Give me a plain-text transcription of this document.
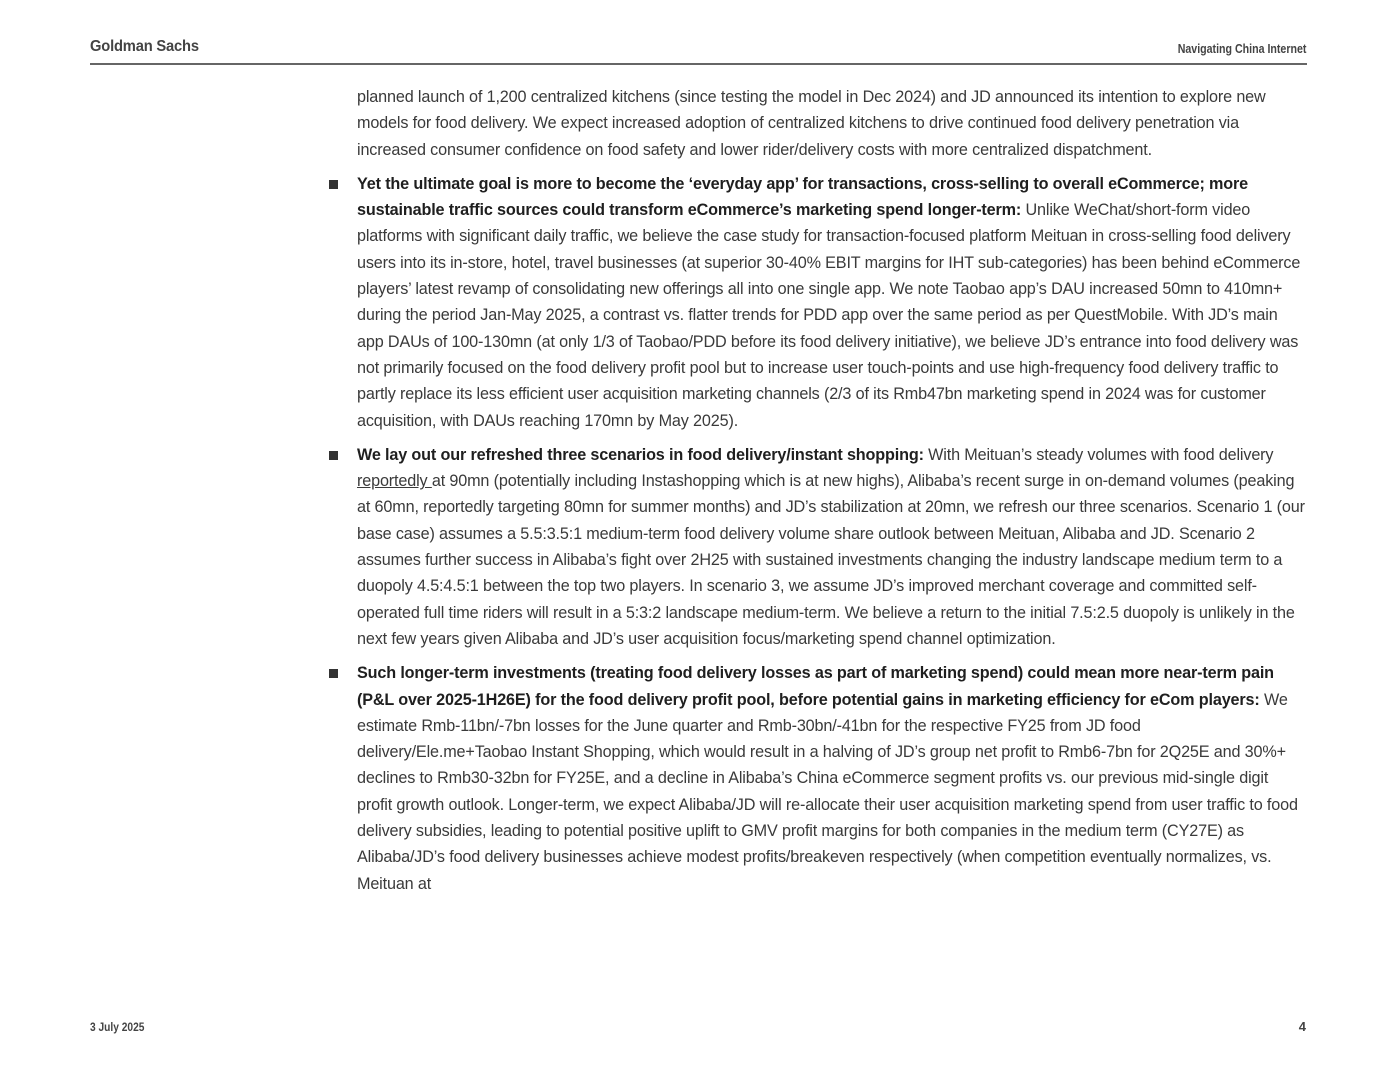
Goldman Sachs	Navigating China Internet

planned launch of 1,200 centralized kitchens (since testing the model in Dec 2024) and JD announced its intention to explore new models for food delivery. We expect increased adoption of centralized kitchens to drive continued food delivery penetration via increased consumer confidence on food safety and lower rider/delivery costs with more centralized dispatchment.

Yet the ultimate goal is more to become the ‘everyday app’ for transactions, cross-selling to overall eCommerce; more sustainable traffic sources could transform eCommerce’s marketing spend longer-term: Unlike WeChat/short-form video platforms with significant daily traffic, we believe the case study for transaction-focused platform Meituan in cross-selling food delivery users into its in-store, hotel, travel businesses (at superior 30-40% EBIT margins for IHT sub-categories) has been behind eCommerce players’ latest revamp of consolidating new offerings all into one single app. We note Taobao app’s DAU increased 50mn to 410mn+ during the period Jan-May 2025, a contrast vs. flatter trends for PDD app over the same period as per QuestMobile. With JD’s main app DAUs of 100-130mn (at only 1/3 of Taobao/PDD before its food delivery initiative), we believe JD’s entrance into food delivery was not primarily focused on the food delivery profit pool but to increase user touch-points and use high-frequency food delivery traffic to partly replace its less efficient user acquisition marketing channels (2/3 of its Rmb47bn marketing spend in 2024 was for customer acquisition, with DAUs reaching 170mn by May 2025).

We lay out our refreshed three scenarios in food delivery/instant shopping: With Meituan’s steady volumes with food delivery reportedly at 90mn (potentially including Instashopping which is at new highs), Alibaba’s recent surge in on-demand volumes (peaking at 60mn, reportedly targeting 80mn for summer months) and JD’s stabilization at 20mn, we refresh our three scenarios. Scenario 1 (our base case) assumes a 5.5:3.5:1 medium-term food delivery volume share outlook between Meituan, Alibaba and JD. Scenario 2 assumes further success in Alibaba’s fight over 2H25 with sustained investments changing the industry landscape medium term to a duopoly 4.5:4.5:1 between the top two players. In scenario 3, we assume JD’s improved merchant coverage and committed self-operated full time riders will result in a 5:3:2 landscape medium-term. We believe a return to the initial 7.5:2.5 duopoly is unlikely in the next few years given Alibaba and JD’s user acquisition focus/marketing spend channel optimization.

Such longer-term investments (treating food delivery losses as part of marketing spend) could mean more near-term pain (P&L over 2025-1H26E) for the food delivery profit pool, before potential gains in marketing efficiency for eCom players: We estimate Rmb-11bn/-7bn losses for the June quarter and Rmb-30bn/-41bn for the respective FY25 from JD food delivery/Ele.me+Taobao Instant Shopping, which would result in a halving of JD’s group net profit to Rmb6-7bn for 2Q25E and 30%+ declines to Rmb30-32bn for FY25E, and a decline in Alibaba’s China eCommerce segment profits vs. our previous mid-single digit profit growth outlook. Longer-term, we expect Alibaba/JD will re-allocate their user acquisition marketing spend from user traffic to food delivery subsidies, leading to potential positive uplift to GMV profit margins for both companies in the medium term (CY27E) as Alibaba/JD’s food delivery businesses achieve modest profits/breakeven respectively (when competition eventually normalizes, vs. Meituan at

3 July 2025	4
